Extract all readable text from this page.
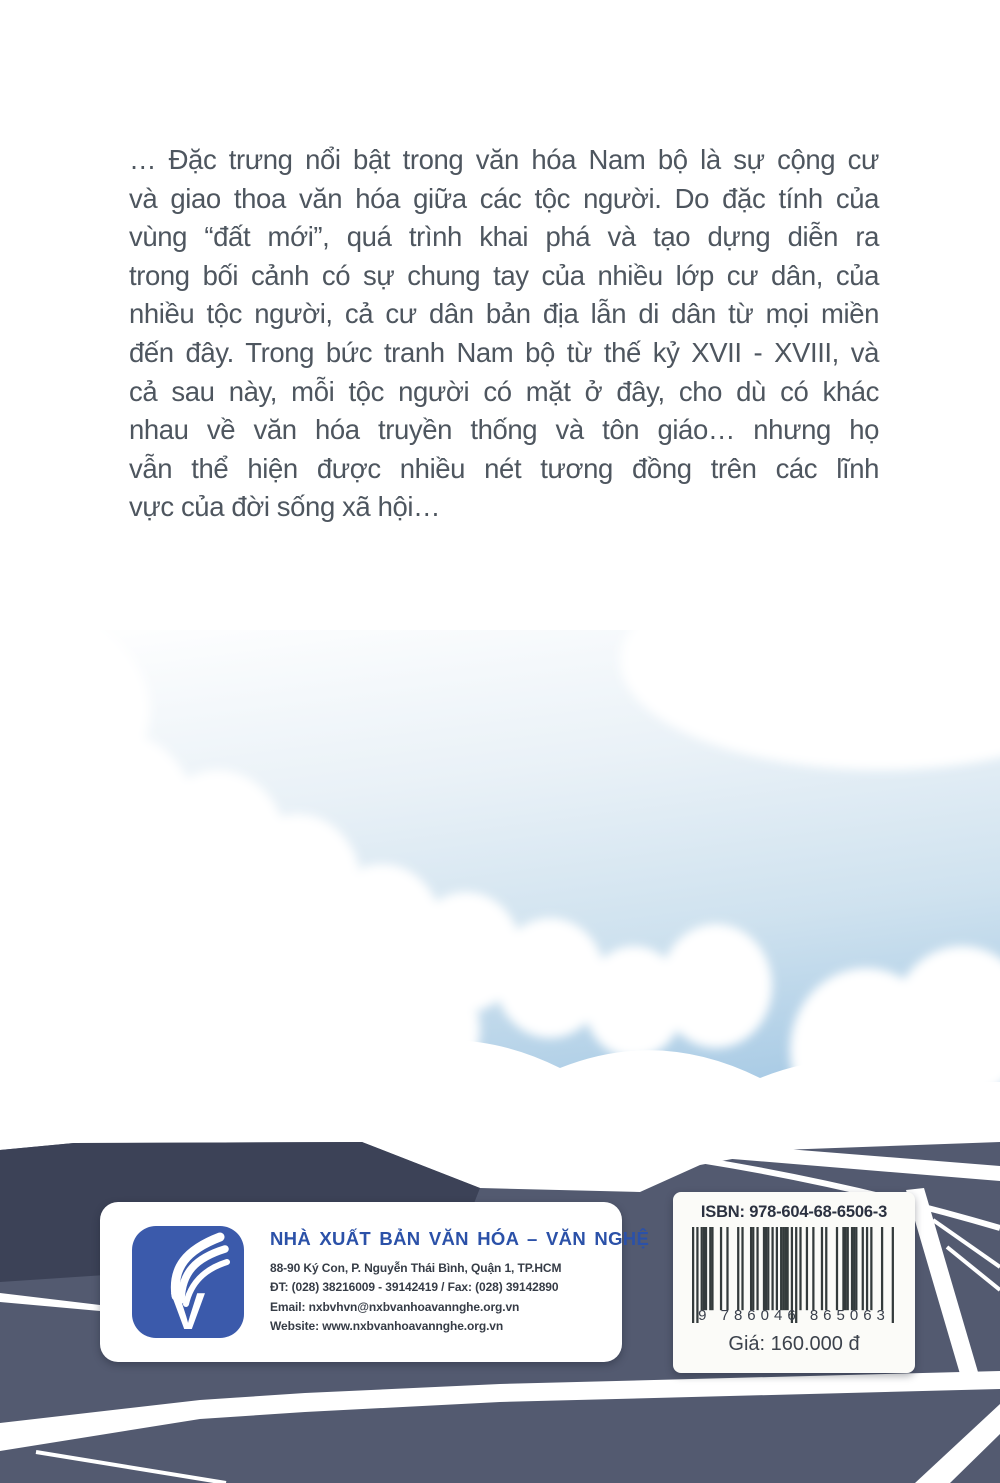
… Đặc trưng nổi bật trong văn hóa Nam bộ là sự cộng cư
và giao thoa văn hóa giữa các tộc người. Do đặc tính của
vùng “đất mới”, quá trình khai phá và tạo dựng diễn ra
trong bối cảnh có sự chung tay của nhiều lớp cư dân, của
nhiều tộc người, cả cư dân bản địa lẫn di dân từ mọi miền
đến đây. Trong bức tranh Nam bộ từ thế kỷ XVII - XVIII, và
cả sau này, mỗi tộc người có mặt ở đây, cho dù có khác
nhau về văn hóa truyền thống và tôn giáo… nhưng họ
vẫn thể hiện được nhiều nét tương đồng trên các lĩnh
vực của đời sống xã hội…
V
NHÀ XUẤT BẢN VĂN HÓA – VĂN NGHỆ
88-90 Ký Con, P. Nguyễn Thái Bình, Quận 1, TP.HCM
ĐT: (028) 38216009 - 39142419 / Fax: (028) 39142890
Email: nxbvhvn@nxbvanhoavannghe.org.vn
Website: www.nxbvanhoavannghe.org.vn
ISBN: 978-604-68-6506-3
9 786046 865063
Giá: 160.000 đ
